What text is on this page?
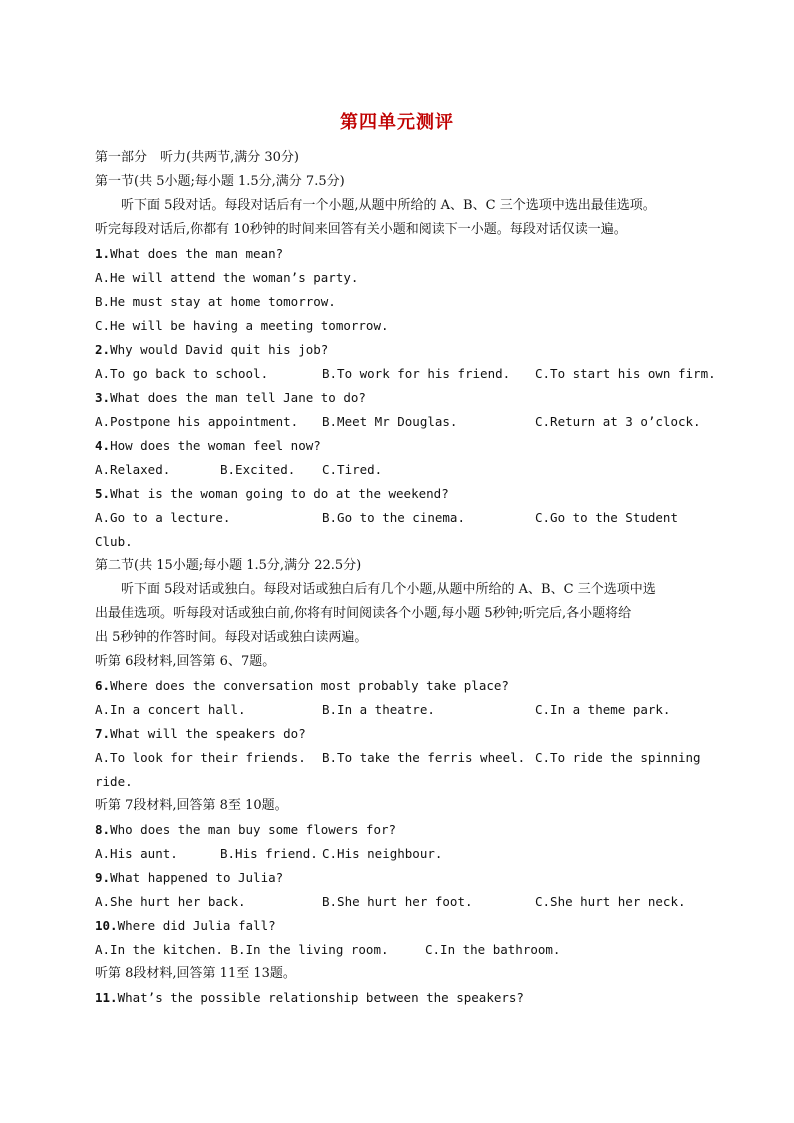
第四单元测评
第一部分　听力(共两节,满分 30分)
第一节(共 5小题;每小题 1.5分,满分 7.5分)
听下面 5段对话。每段对话后有一个小题,从题中所给的 A、B、C 三个选项中选出最佳选项。
听完每段对话后,你都有 10秒钟的时间来回答有关小题和阅读下一小题。每段对话仅读一遍。
1.What does the man mean?
A.He will attend the woman’s party.
B.He must stay at home tomorrow.
C.He will be having a meeting tomorrow.
2.Why would David quit his job?
A.To go back to school.	B.To work for his friend. C.To start his own firm.
3.What does the man tell Jane to do?
A.Postpone his appointment. B.Meet Mr Douglas.	C.Return at 3 o’clock.
4.How does the woman feel now?
A.Relaxed.	B.Excited. C.Tired.
5.What is the woman going to do at the weekend?
A.Go to a lecture.	B.Go to the cinema.	C.Go to the Student
Club.
第二节(共 15小题;每小题 1.5分,满分 22.5分)
听下面 5段对话或独白。每段对话或独白后有几个小题,从题中所给的 A、B、C 三个选项中选
出最佳选项。听每段对话或独白前,你将有时间阅读各个小题,每小题 5秒钟;听完后,各小题将给
出 5秒钟的作答时间。每段对话或独白读两遍。
听第 6段材料,回答第 6、7题。
6.Where does the conversation most probably take place?
A.In a concert hall.	B.In a theatre.	C.In a theme park.
7.What will the speakers do?
A.To look for their friends. B.To take the ferris wheel. C.To ride the spinning
ride.
听第 7段材料,回答第 8至 10题。
8.Who does the man buy some flowers for?
A.His aunt.	B.His friend. C.His neighbour.
9.What happened to Julia?
A.She hurt her back.	B.She hurt her foot.	C.She hurt her neck.
10.Where did Julia fall?
A.In the kitchen. B.In the living room.	C.In the bathroom.
听第 8段材料,回答第 11至 13题。
11.What’s the possible relationship between the speakers?
